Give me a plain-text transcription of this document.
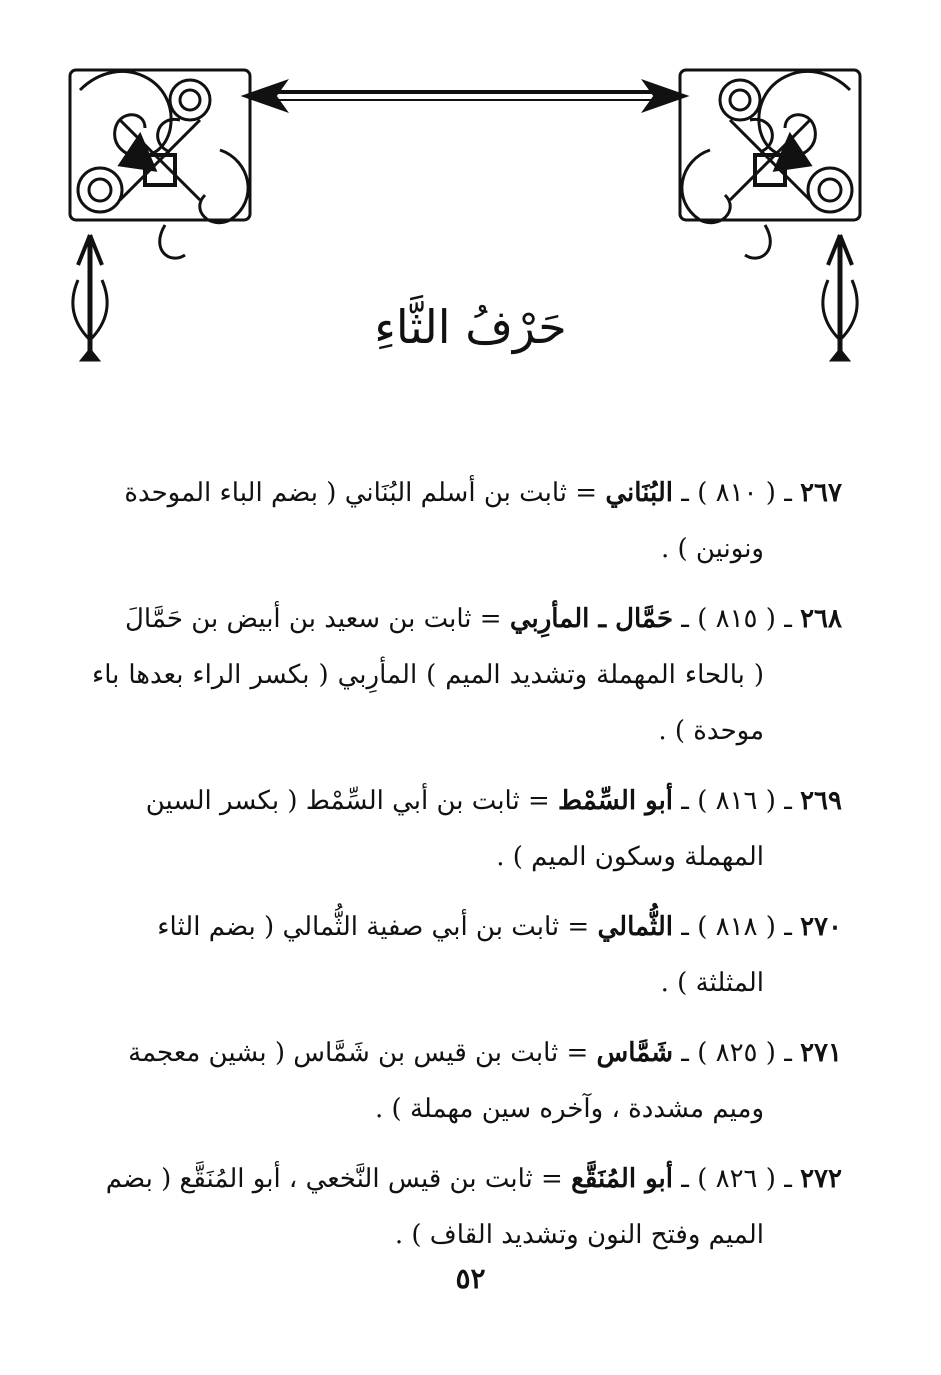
حَرْفُ الثَّاءِ
٢٦٧ ـ ( ٨١٠ ) ـ البُنَاني = ثابت بن أسلم البُنَاني ( بضم الباء الموحدة
ونونين ) .
٢٦٨ ـ ( ٨١٥ ) ـ حَمَّال ـ المأرِبي = ثابت بن سعيد بن أبيض بن حَمَّالَ
( بالحاء المهملة وتشديد الميم ) المأرِبي ( بكسر الراء بعدها باء موحدة ) .
٢٦٩ ـ ( ٨١٦ ) ـ أبو السِّمْط = ثابت بن أبي السِّمْط ( بكسر السين
المهملة وسكون الميم ) .
٢٧٠ ـ ( ٨١٨ ) ـ الثُّمالي = ثابت بن أبي صفية الثُّمالي ( بضم الثاء
المثلثة ) .
٢٧١ ـ ( ٨٢٥ ) ـ شَمَّاس = ثابت بن قيس بن شَمَّاس ( بشين معجمة
وميم مشددة ، وآخره سين مهملة ) .
٢٧٢ ـ ( ٨٢٦ ) ـ أبو المُنَقَّع = ثابت بن قيس النَّخعي ، أبو المُنَقَّع ( بضم
الميم وفتح النون وتشديد القاف ) .
٥٢
